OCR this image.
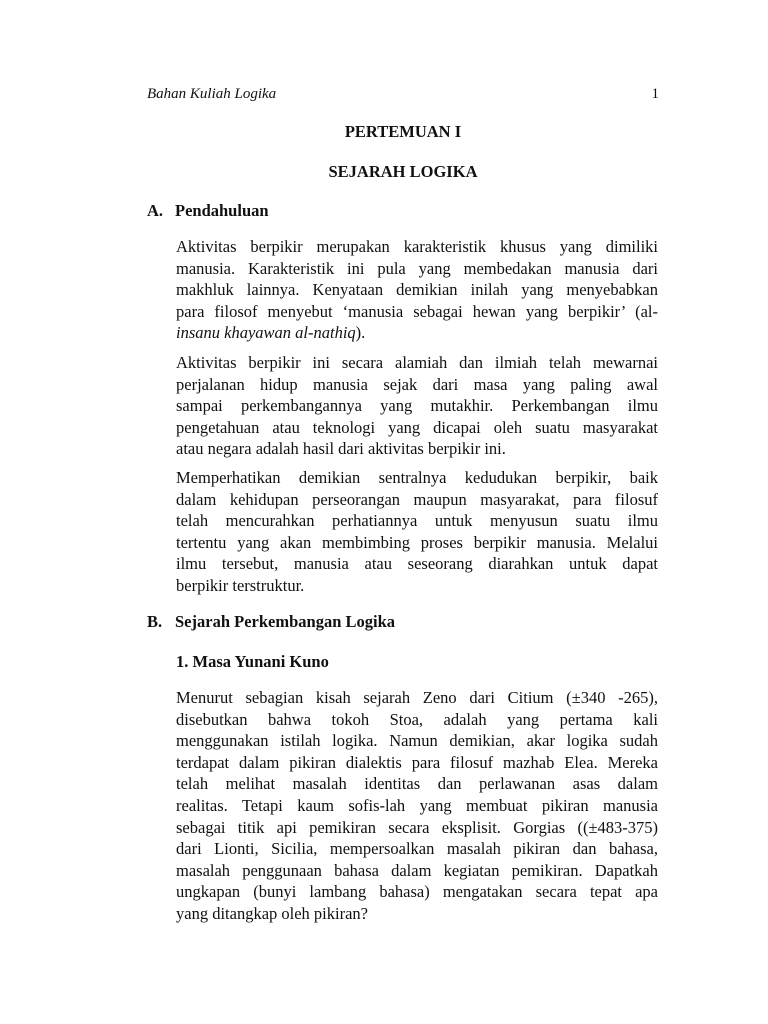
Bahan Kuliah Logika	1
PERTEMUAN I
SEJARAH LOGIKA
A. Pendahuluan
Aktivitas berpikir merupakan karakteristik khusus yang dimiliki
manusia. Karakteristik ini pula yang membedakan manusia dari
makhluk lainnya. Kenyataan demikian inilah yang menyebabkan
para filosof menyebut ‘manusia sebagai hewan yang berpikir’ (al-
insanu khayawan al-nathiq).
Aktivitas berpikir ini secara alamiah dan ilmiah telah mewarnai
perjalanan hidup manusia sejak dari masa yang paling awal
sampai perkembangannya yang mutakhir. Perkembangan ilmu
pengetahuan atau teknologi yang dicapai oleh suatu masyarakat
atau negara adalah hasil dari aktivitas berpikir ini.
Memperhatikan demikian sentralnya kedudukan berpikir, baik
dalam kehidupan perseorangan maupun masyarakat, para filosuf
telah mencurahkan perhatiannya untuk menyusun suatu ilmu
tertentu yang akan membimbing proses berpikir manusia. Melalui
ilmu tersebut, manusia atau seseorang diarahkan untuk dapat
berpikir terstruktur.
B. Sejarah Perkembangan Logika
1. Masa Yunani Kuno
Menurut sebagian kisah sejarah Zeno dari Citium (±340 -265),
disebutkan bahwa tokoh Stoa, adalah yang pertama kali
menggunakan istilah logika. Namun demikian, akar logika sudah
terdapat dalam pikiran dialektis para filosuf mazhab Elea. Mereka
telah melihat masalah identitas dan perlawanan asas dalam
realitas. Tetapi kaum sofis-lah yang membuat pikiran manusia
sebagai titik api pemikiran secara eksplisit. Gorgias ((±483-375)
dari Lionti, Sicilia, mempersoalkan masalah pikiran dan bahasa,
masalah penggunaan bahasa dalam kegiatan pemikiran. Dapatkah
ungkapan (bunyi lambang bahasa) mengatakan secara tepat apa
yang ditangkap oleh pikiran?
